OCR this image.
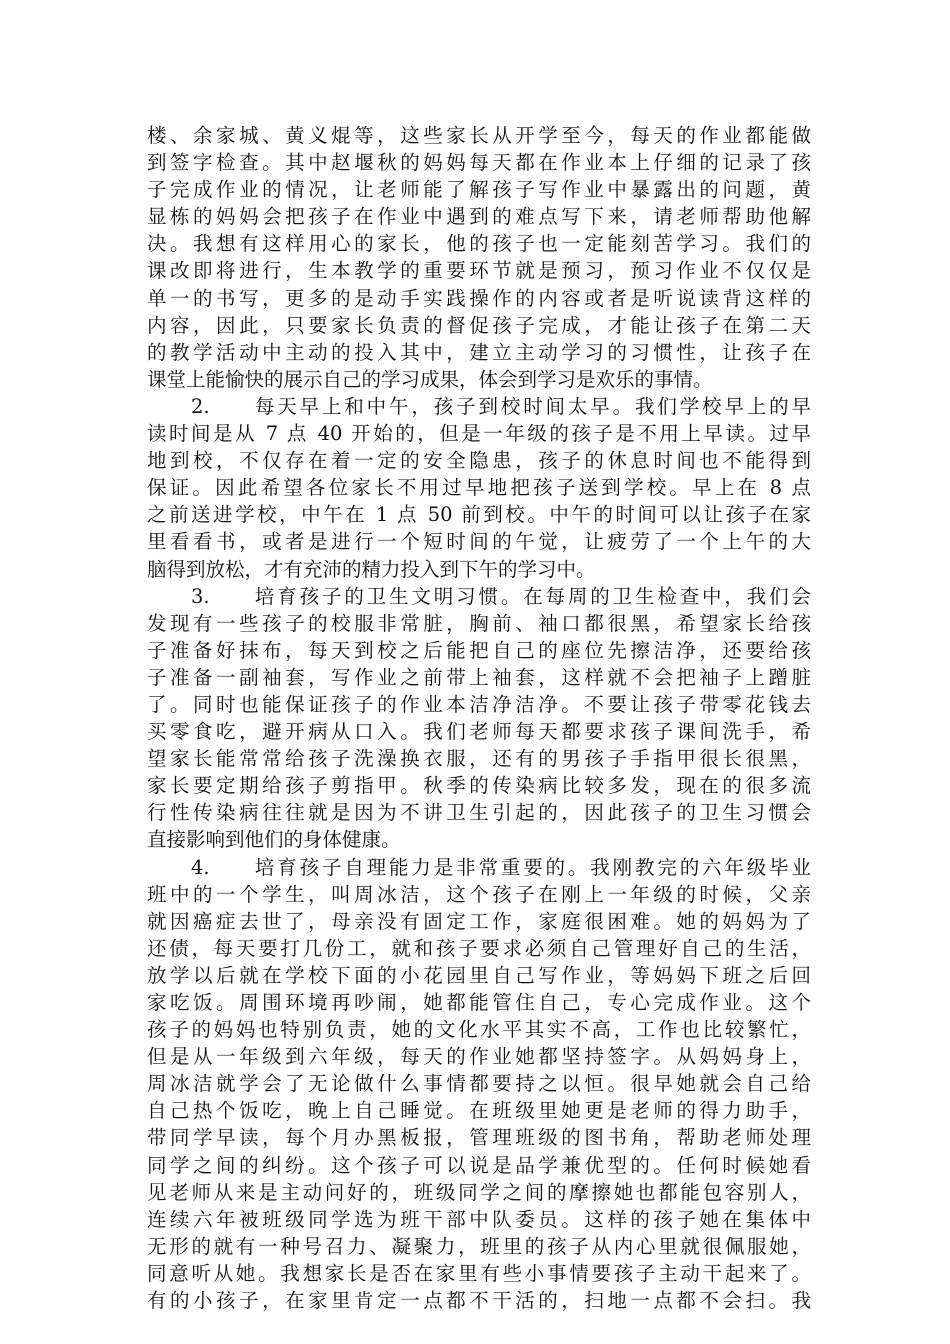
楼、余家城、黄义焜等，这些家长从开学至今，每天的作业都能做
到签字检查。其中赵堰秋的妈妈每天都在作业本上仔细的记录了孩
子完成作业的情况，让老师能了解孩子写作业中暴露出的问题，黄
显栋的妈妈会把孩子在作业中遇到的难点写下来，请老师帮助他解
决。我想有这样用心的家长，他的孩子也一定能刻苦学习。我们的
课改即将进行，生本教学的重要环节就是预习，预习作业不仅仅是
单一的书写，更多的是动手实践操作的内容或者是听说读背这样的
内容，因此，只要家长负责的督促孩子完成，才能让孩子在第二天
的教学活动中主动的投入其中，建立主动学习的习惯性，让孩子在
课堂上能愉快的展示自己的学习成果，体会到学习是欢乐的事情。
2.     每天早上和中午，孩子到校时间太早。我们学校早上的早
读时间是从 7 点 40 开始的，但是一年级的孩子是不用上早读。过早
地到校，不仅存在着一定的安全隐患，孩子的休息时间也不能得到
保证。因此希望各位家长不用过早地把孩子送到学校。早上在 8 点
之前送进学校，中午在 1 点 50 前到校。中午的时间可以让孩子在家
里看看书，或者是进行一个短时间的午觉，让疲劳了一个上午的大
脑得到放松，才有充沛的精力投入到下午的学习中。
3.     培育孩子的卫生文明习惯。在每周的卫生检查中，我们会
发现有一些孩子的校服非常脏，胸前、袖口都很黑，希望家长给孩
子准备好抹布，每天到校之后能把自己的座位先擦洁净，还要给孩
子准备一副袖套，写作业之前带上袖套，这样就不会把袖子上蹭脏
了。同时也能保证孩子的作业本洁净洁净。不要让孩子带零花钱去
买零食吃，避开病从口入。我们老师每天都要求孩子课间洗手，希
望家长能常常给孩子洗澡换衣服，还有的男孩子手指甲很长很黑，
家长要定期给孩子剪指甲。秋季的传染病比较多发，现在的很多流
行性传染病往往就是因为不讲卫生引起的，因此孩子的卫生习惯会
直接影响到他们的身体健康。
4.     培育孩子自理能力是非常重要的。我刚教完的六年级毕业
班中的一个学生，叫周冰洁，这个孩子在刚上一年级的时候，父亲
就因癌症去世了，母亲没有固定工作，家庭很困难。她的妈妈为了
还债，每天要打几份工，就和孩子要求必须自己管理好自己的生活，
放学以后就在学校下面的小花园里自己写作业，等妈妈下班之后回
家吃饭。周围环境再吵闹，她都能管住自己，专心完成作业。这个
孩子的妈妈也特别负责，她的文化水平其实不高，工作也比较繁忙，
但是从一年级到六年级，每天的作业她都坚持签字。从妈妈身上，
周冰洁就学会了无论做什么事情都要持之以恒。很早她就会自己给
自己热个饭吃，晚上自己睡觉。在班级里她更是老师的得力助手，
带同学早读，每个月办黑板报，管理班级的图书角，帮助老师处理
同学之间的纠纷。这个孩子可以说是品学兼优型的。任何时候她看
见老师从来是主动问好的，班级同学之间的摩擦她也都能包容别人，
连续六年被班级同学选为班干部中队委员。这样的孩子她在集体中
无形的就有一种号召力、凝聚力，班里的孩子从内心里就很佩服她，
同意听从她。我想家长是否在家里有些小事情要孩子主动干起来了。
有的小孩子，在家里肯定一点都不干活的，扫地一点都不会扫。我
